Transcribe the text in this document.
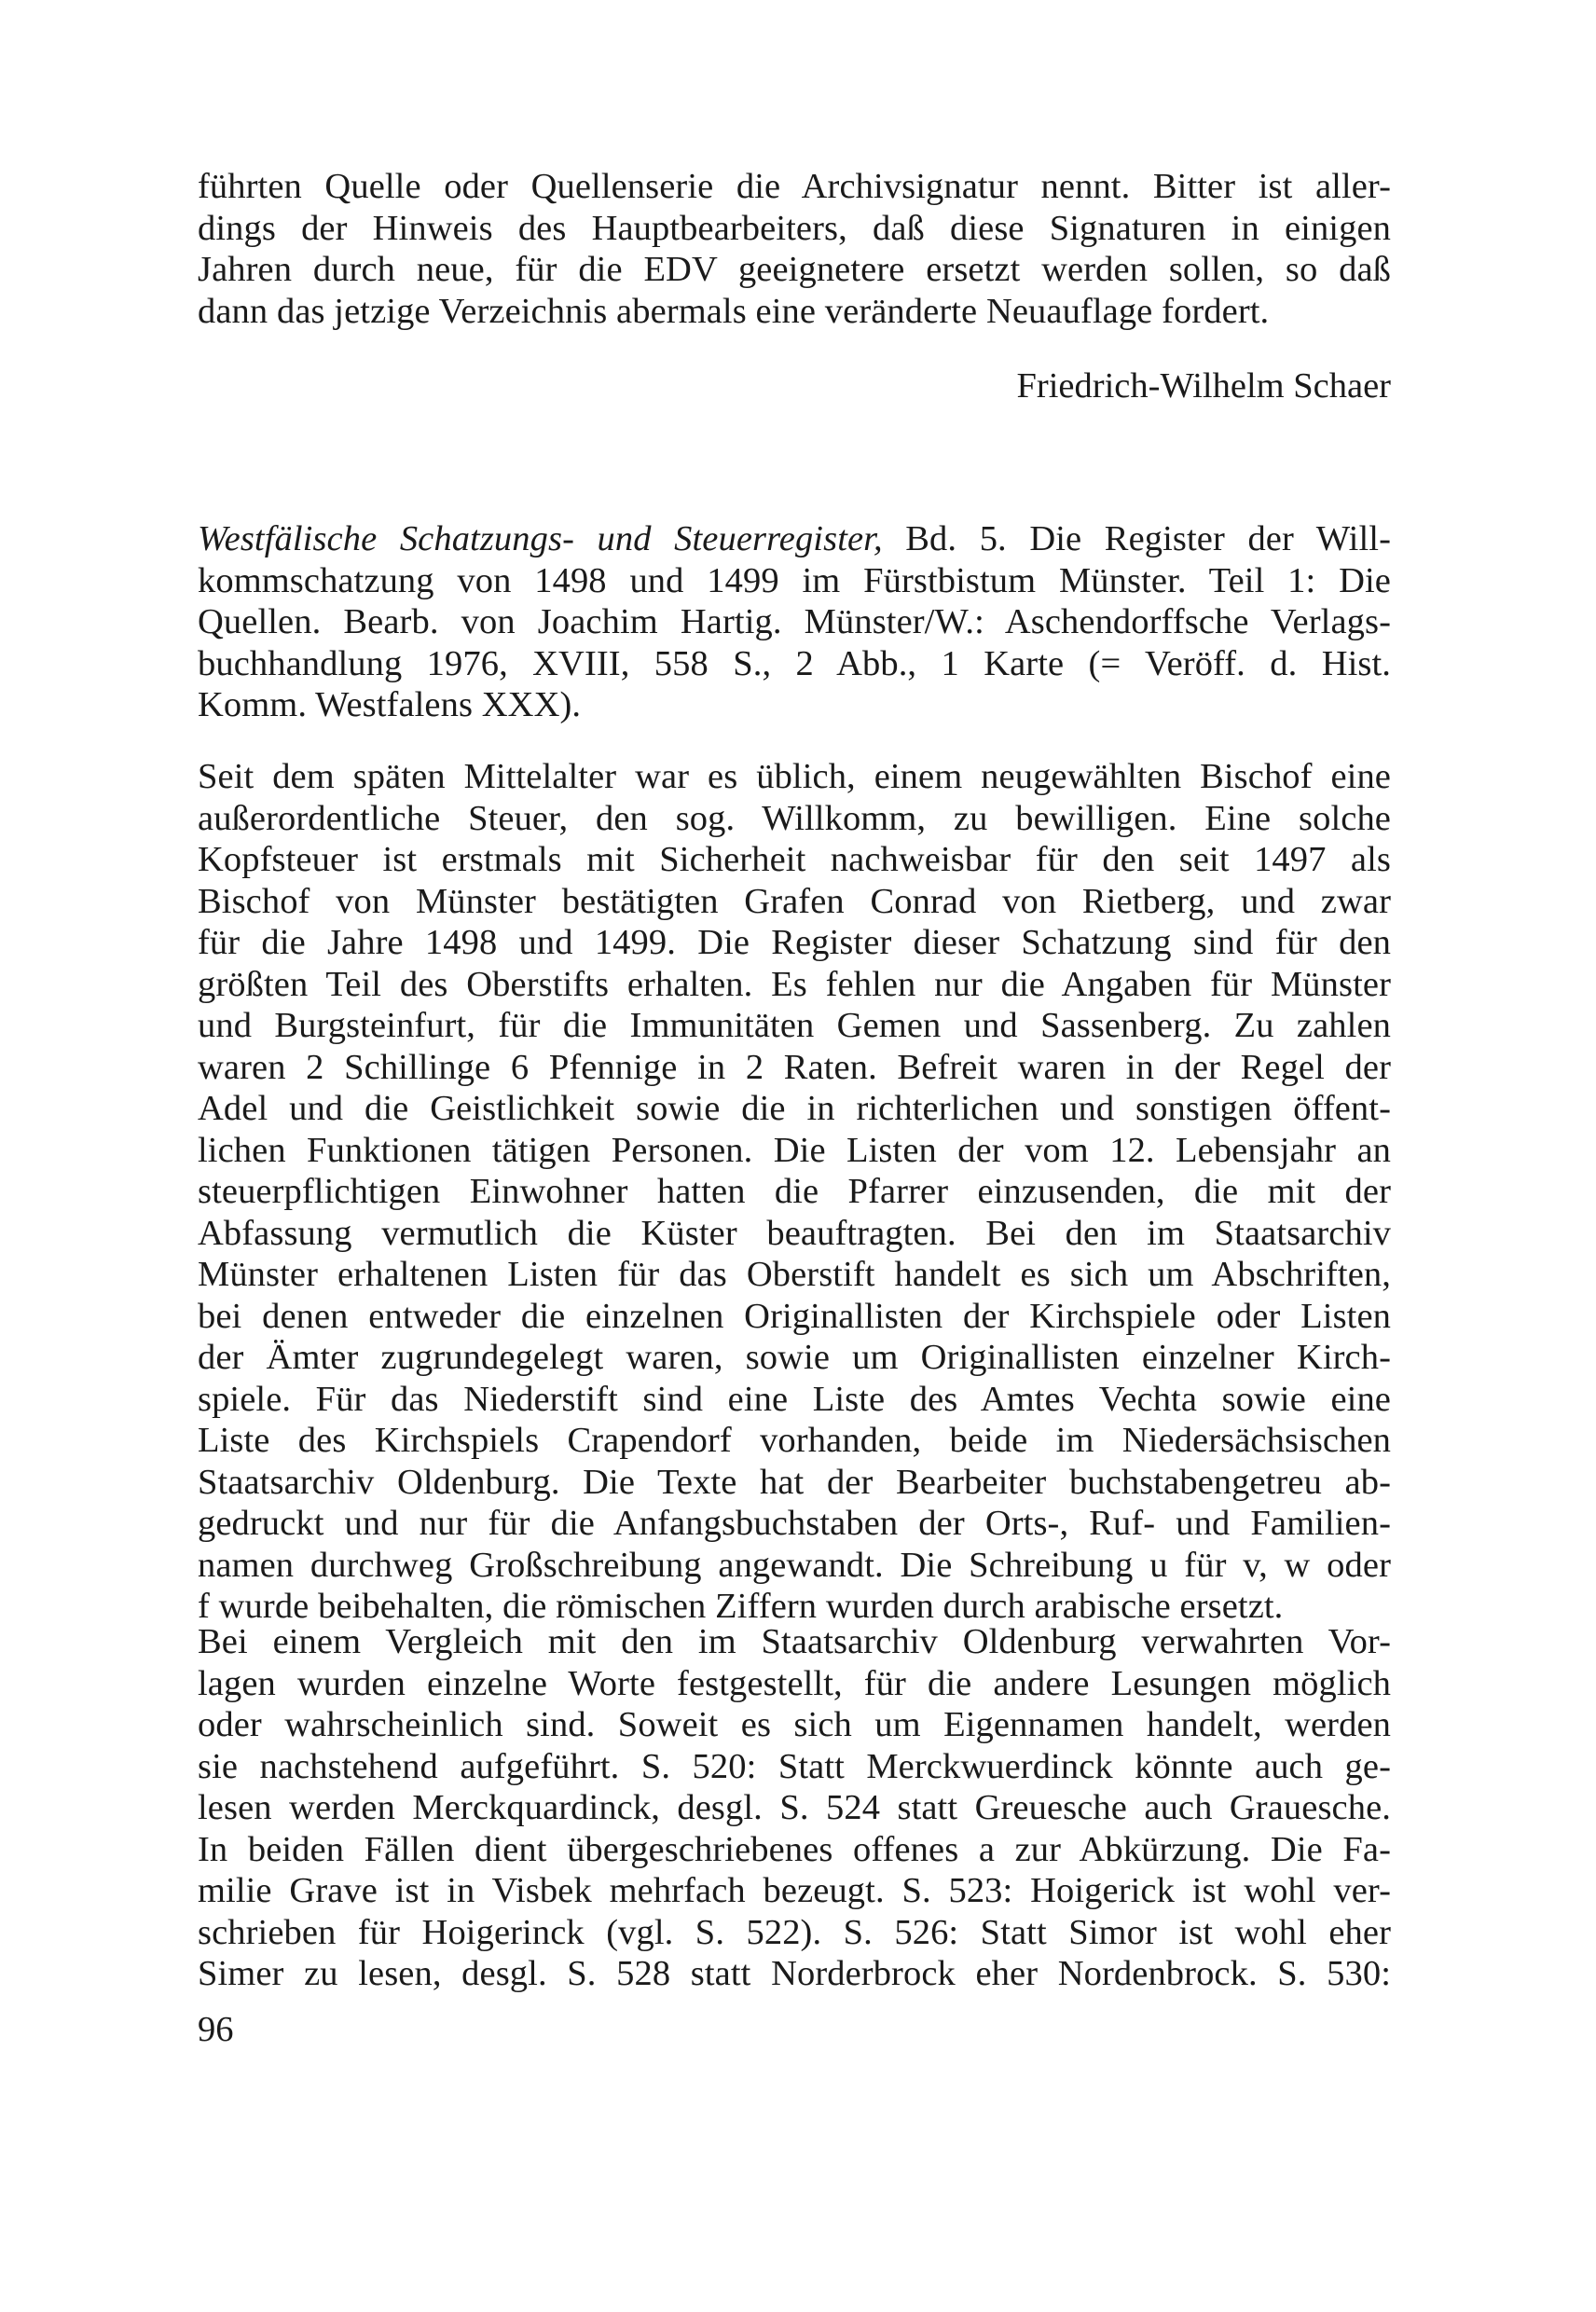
führten Quelle oder Quellenserie die Archivsignatur nennt. Bitter ist aller-
dings der Hinweis des Hauptbearbeiters, daß diese Signaturen in einigen
Jahren durch neue, für die EDV geeignetere ersetzt werden sollen, so daß
dann das jetzige Verzeichnis abermals eine veränderte Neuauflage fordert.
Friedrich-Wilhelm Schaer
Westfälische Schatzungs- und Steuerregister, Bd. 5. Die Register der Will-
kommschatzung von 1498 und 1499 im Fürstbistum Münster. Teil 1: Die
Quellen. Bearb. von Joachim Hartig. Münster/W.: Aschendorffsche Verlags-
buchhandlung 1976, XVIII, 558 S., 2 Abb., 1 Karte (= Veröff. d. Hist.
Komm. Westfalens XXX).
Seit dem späten Mittelalter war es üblich, einem neugewählten Bischof eine
außerordentliche Steuer, den sog. Willkomm, zu bewilligen. Eine solche
Kopfsteuer ist erstmals mit Sicherheit nachweisbar für den seit 1497 als
Bischof von Münster bestätigten Grafen Conrad von Rietberg, und zwar
für die Jahre 1498 und 1499. Die Register dieser Schatzung sind für den
größten Teil des Oberstifts erhalten. Es fehlen nur die Angaben für Münster
und Burgsteinfurt, für die Immunitäten Gemen und Sassenberg. Zu zahlen
waren 2 Schillinge 6 Pfennige in 2 Raten. Befreit waren in der Regel der
Adel und die Geistlichkeit sowie die in richterlichen und sonstigen öffent-
lichen Funktionen tätigen Personen. Die Listen der vom 12. Lebensjahr an
steuerpflichtigen Einwohner hatten die Pfarrer einzusenden, die mit der
Abfassung vermutlich die Küster beauftragten. Bei den im Staatsarchiv
Münster erhaltenen Listen für das Oberstift handelt es sich um Abschriften,
bei denen entweder die einzelnen Originallisten der Kirchspiele oder Listen
der Ämter zugrundegelegt waren, sowie um Originallisten einzelner Kirch-
spiele. Für das Niederstift sind eine Liste des Amtes Vechta sowie eine
Liste des Kirchspiels Crapendorf vorhanden, beide im Niedersächsischen
Staatsarchiv Oldenburg. Die Texte hat der Bearbeiter buchstabengetreu ab-
gedruckt und nur für die Anfangsbuchstaben der Orts-, Ruf- und Familien-
namen durchweg Großschreibung angewandt. Die Schreibung u für v, w oder
f wurde beibehalten, die römischen Ziffern wurden durch arabische ersetzt.
Bei einem Vergleich mit den im Staatsarchiv Oldenburg verwahrten Vor-
lagen wurden einzelne Worte festgestellt, für die andere Lesungen möglich
oder wahrscheinlich sind. Soweit es sich um Eigennamen handelt, werden
sie nachstehend aufgeführt. S. 520: Statt Merckwuerdinck könnte auch ge-
lesen werden Merckquardinck, desgl. S. 524 statt Greuesche auch Grauesche.
In beiden Fällen dient übergeschriebenes offenes a zur Abkürzung. Die Fa-
milie Grave ist in Visbek mehrfach bezeugt. S. 523: Hoigerick ist wohl ver-
schrieben für Hoigerinck (vgl. S. 522). S. 526: Statt Simor ist wohl eher
Simer zu lesen, desgl. S. 528 statt Norderbrock eher Nordenbrock. S. 530:
96
